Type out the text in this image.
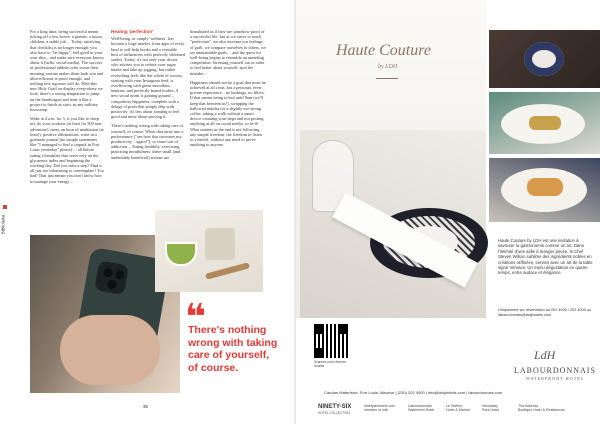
Biblioteka

For a long time, being successful meant ticking off a few boxes: a partner, a house, children, a stable job… Today, satisfying that checklist is no longer enough: you also have to "be happy", feel good in your own skin – and make sure everyone knows about it (hello, social media). The success of professional athletes who swear their morning routine makes them both win and ultra-efficient is proof enough, and nothing less rigorous will do. With this new Holy Grail on display everywhere we look, there's a strong temptation to jump on the bandwagon and treat it like a project to finish as strict as any military bootcamp.

Wake at 4 a.m. for 5, if you like to sleep in), do your workout (at least for 500 non-adventure), meet, an hour of meditation (at least!), positive affirmations, write in a gratitude journal (no simple statements like "I managed to find a carpark in Port Louis yesterday" please)… all before eating a breakfast that veers very on the glycaemic index and beginning the working day. Did you miss a step? Find it all just too exhausting to contemplate? Too bad! That just means you don't know how to manage your energy…

Healing 'perfection'

Well-being, or simply 'wellness', has become a huge market, from apps of every kind to self-help books and a veritable host of influencers with perfectly whitened smiles. Today, it's not only your doctor who advises you to reduce your sugar intake and take up jogging, but rather everything feels like the whole of society, starting with your Instagram feed, is overflowing with green smoothies, mantras, and perfectly-honed bodies. A new social norm is gaining ground – compulsory happiness, complete with a deluge of posts that simply drip with positivity: it's less about wanting to feel good and more about proving it.

There's nothing wrong with taking care of yourself, of course. When that turns into a performance ("see how this increases my productivity – again!"), or some sort of addiction… Eating healthily, exercising, practising mindfulness: these small (and undeniably beneficial) actions are

brandished as if they are somehow proof of a successful life, but as we strive to reach "perfection", we also increase our feelings of guilt, we compare ourselves to others, we set unattainable goals… and the quest for well-being begins to resemble an unending competition. Stressing yourself out in order to feel better about yourself: spot the mistake…

Happiness should not be a goal that must be achieved at all costs, but a personal, even private experience – no hashtags, no filters. If that means being in bed until 9am (we'll keep that between us!), swapping the hallowed matcha for a slightly too-strong coffee, taking a walk without a smart device counting your steps and not posting anything at all on social media, so be it! What matters in the end is not following any simple freedom: the freedom to listen to yourself, without any need to prove anything to anyone.

❝

There's nothing wrong with taking care of yourself, of course.

36
Haute Couture
by LDH

Haute Couture by LDH est une invitation à savourer la gastronomie comme un art. Dans l'intimité d'une salle à manger privée, le Chef Steven Wilson sublime des ingrédients nobles en créations raffinées, servies avec un art de la table signé Versace. Un menu dégustation en quatre temps, entre audace et élégance.

Uniquement sur réservation au 202 4000 / 202 4000 ou labourdonnais@ladyhotels.com

Scannez pour réserver la table

LdH

LABOURDONNAIS

WATERFRONT HOTEL

Caudan Waterfront, Port Louis, Maurice | (230) 202 4000 | info@ladyhotels.com | labourdonnais.com

NINETY-SIX
HOTEL COLLECTION
ninetysixhotels.com
member of mtb
Labourdonnais
Waterfront Hotel
Le Suffren
Hotel & Marina
Hennessy
Park Hotel
The Address
Boutique Hotel & Residences
